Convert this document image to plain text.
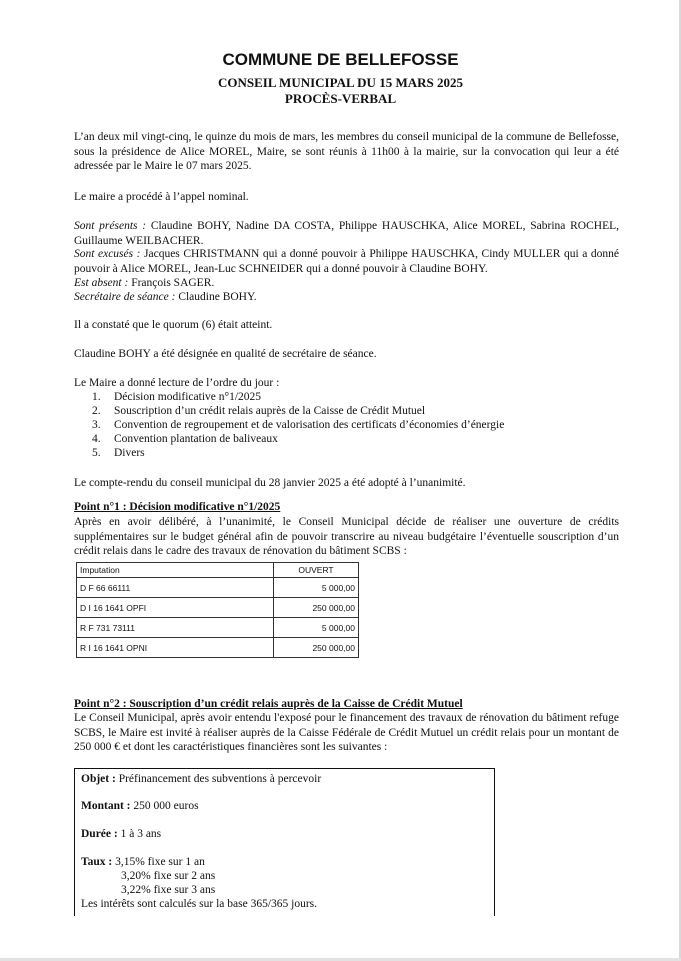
COMMUNE DE BELLEFOSSE
CONSEIL MUNICIPAL DU 15 MARS 2025
PROCÈS-VERBAL
L’an deux mil vingt-cinq, le quinze du mois de mars, les membres du conseil municipal de la commune de Bellefosse, sous la présidence de Alice MOREL, Maire, se sont réunis à 11h00 à la mairie, sur la convocation qui leur a été adressée par le Maire le 07 mars 2025.
Le maire a procédé à l’appel nominal.
Sont présents : Claudine BOHY, Nadine DA COSTA, Philippe HAUSCHKA, Alice MOREL, Sabrina ROCHEL, Guillaume WEILBACHER.
Sont excusés : Jacques CHRISTMANN qui a donné pouvoir à Philippe HAUSCHKA, Cindy MULLER qui a donné pouvoir à Alice MOREL, Jean-Luc SCHNEIDER qui a donné pouvoir à Claudine BOHY.
Est absent : François SAGER.
Secrétaire de séance : Claudine BOHY.
Il a constaté que le quorum (6) était atteint.
Claudine BOHY a été désignée en qualité de secrétaire de séance.
Le Maire a donné lecture de l’ordre du jour :
1. Décision modificative n°1/2025
2. Souscription d’un crédit relais auprès de la Caisse de Crédit Mutuel
3. Convention de regroupement et de valorisation des certificats d’économies d’énergie
4. Convention plantation de baliveaux
5. Divers
Le compte-rendu du conseil municipal du 28 janvier 2025 a été adopté à l’unanimité.
Point n°1 : Décision modificative n°1/2025
Après en avoir délibéré, à l’unanimité, le Conseil Municipal décide de réaliser une ouverture de crédits supplémentaires sur le budget général afin de pouvoir transcrire au niveau budgétaire l’éventuelle souscription d’un crédit relais dans le cadre des travaux de rénovation du bâtiment SCBS :
Imputation	OUVERT
D F 66 66111	5 000,00
D I 16 1641 OPFI	250 000,00
R F 731 73111	5 000,00
R I 16 1641 OPNI	250 000,00
Point n°2 : Souscription d’un crédit relais auprès de la Caisse de Crédit Mutuel
Le Conseil Municipal, après avoir entendu l'exposé pour le financement des travaux de rénovation du bâtiment refuge SCBS, le Maire est invité à réaliser auprès de la Caisse Fédérale de Crédit Mutuel un crédit relais pour un montant de 250 000 € et dont les caractéristiques financières sont les suivantes :
Objet : Préfinancement des subventions à percevoir
Montant : 250 000 euros
Durée : 1 à 3 ans
Taux : 3,15% fixe sur 1 an
3,20% fixe sur 2 ans
3,22% fixe sur 3 ans
Les intérêts sont calculés sur la base 365/365 jours.
